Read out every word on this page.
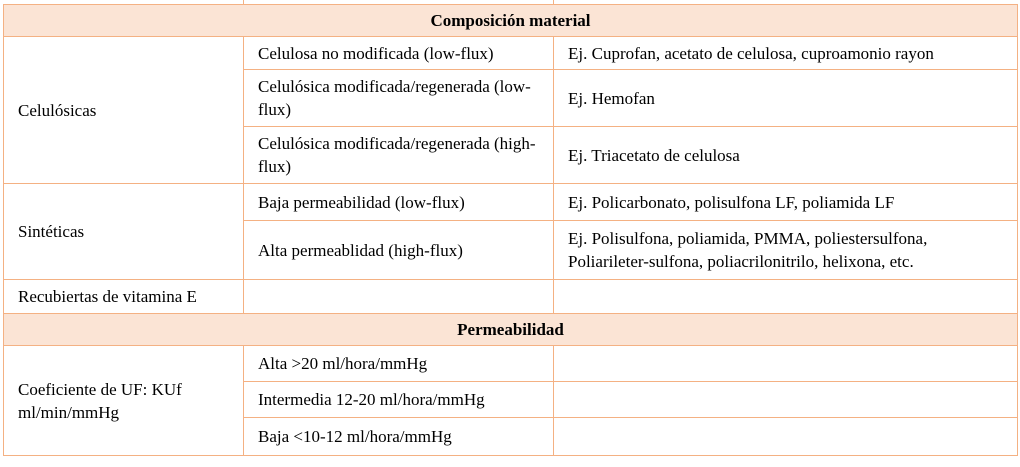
Composición material		
Celulósicas	Celulosa no modificada (low-flux)	Ej. Cuprofan, acetato de celulosa, cuproamonio rayon
	Celulósica modificada/regenerada (low-flux)	Ej. Hemofan
	Celulósica modificada/regenerada (high-flux)	Ej. Triacetato de celulosa
Sintéticas	Baja permeabilidad (low-flux)	Ej. Policarbonato, polisulfona LF, poliamida LF
	Alta permeablidad (high-flux)	Ej. Polisulfona, poliamida, PMMA, poliestersulfona, Poliarileter-sulfona, poliacrilonitrilo, helixona, etc.
Recubiertas de vitamina E		
Permeabilidad		
Coeficiente de UF: KUf ml/min/mmHg	Alta >20 ml/hora/mmHg	
	Intermedia 12-20 ml/hora/mmHg	
	Baja <10-12 ml/hora/mmHg	
